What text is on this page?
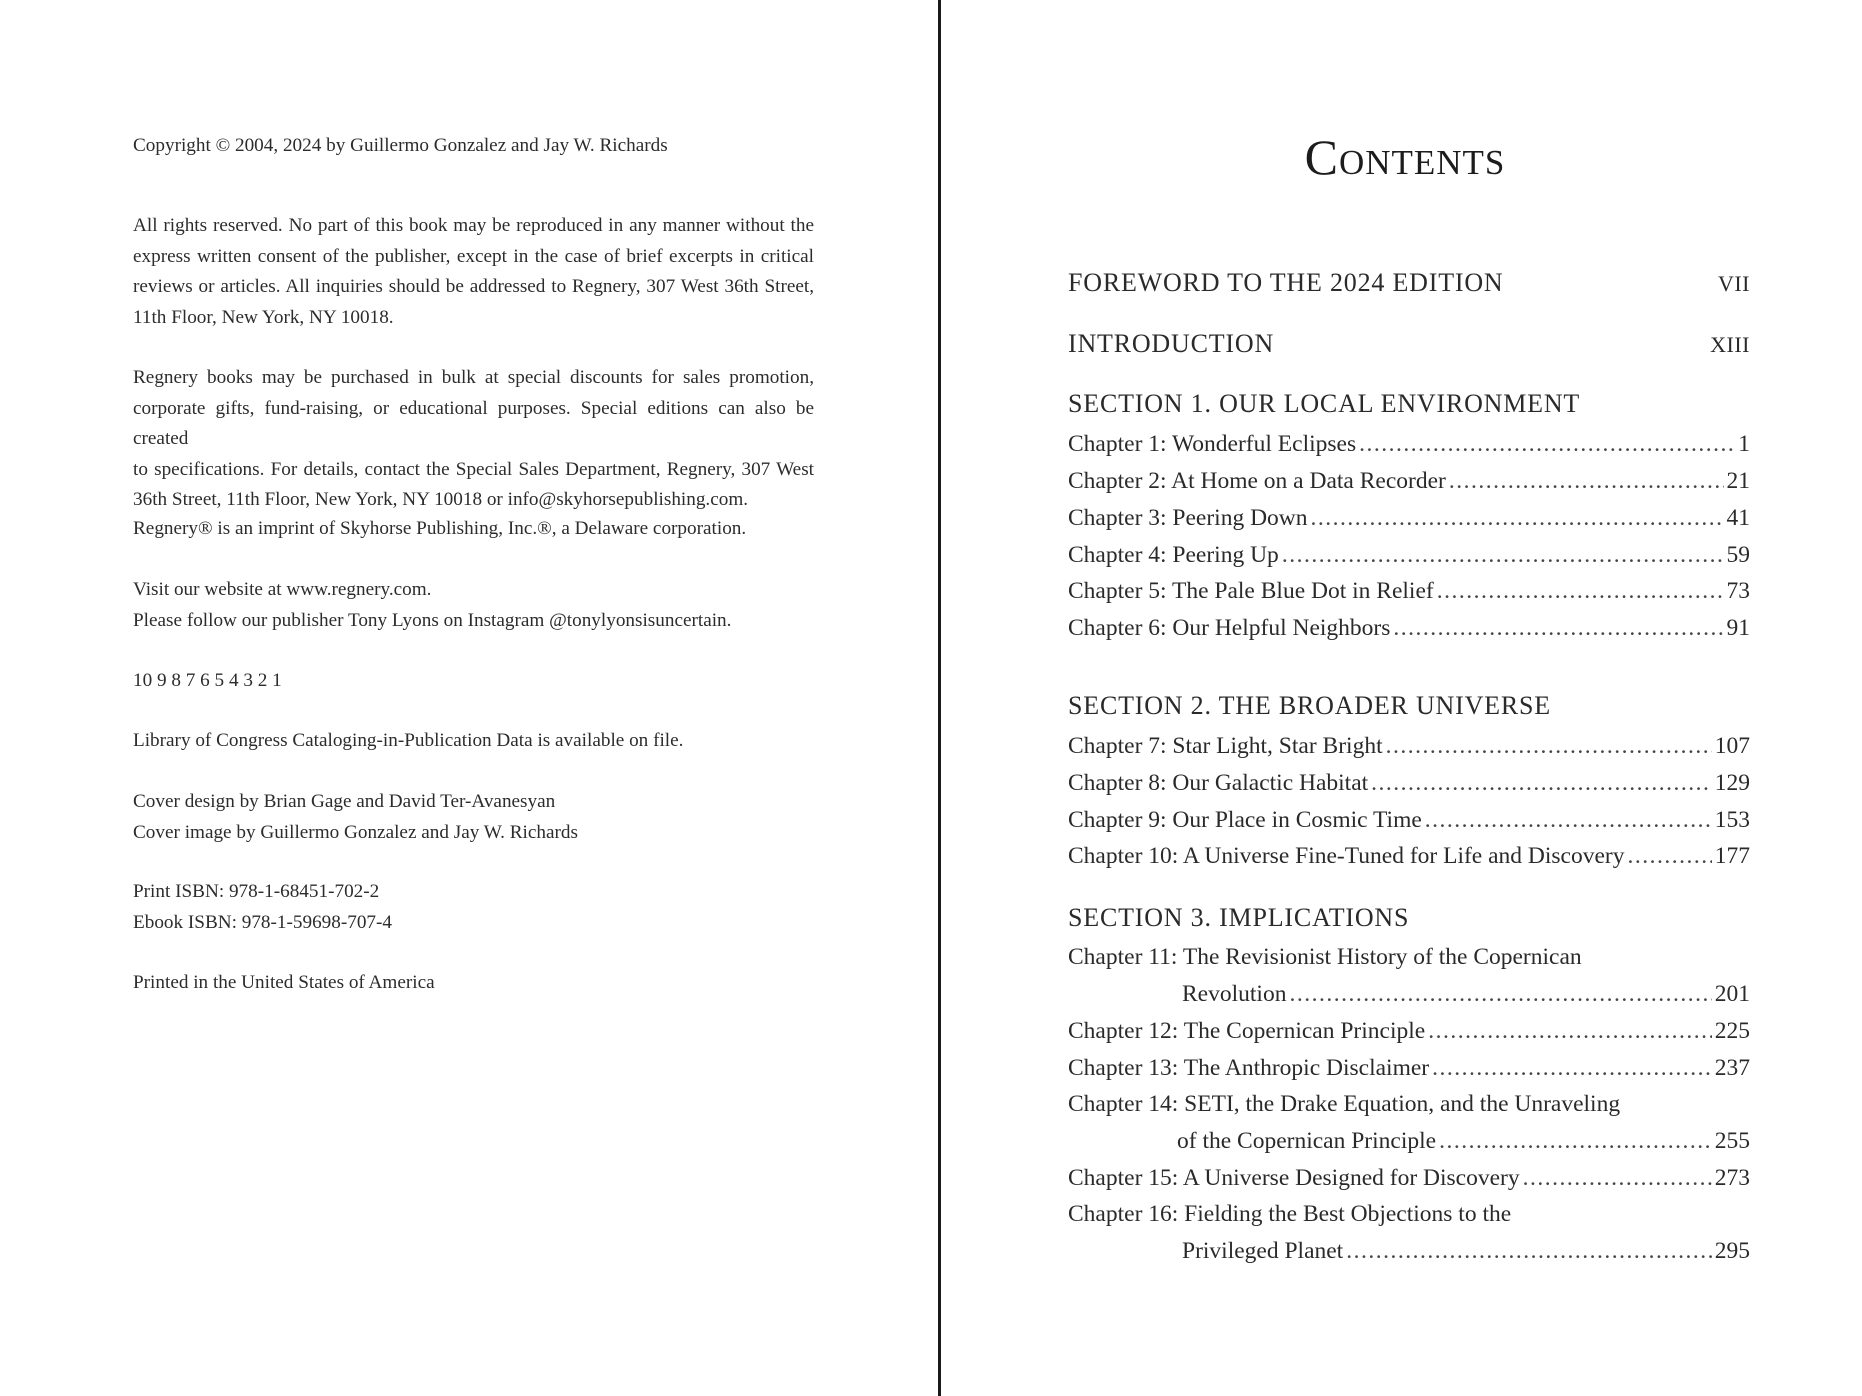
Copyright © 2004, 2024 by Guillermo Gonzalez and Jay W. Richards
All rights reserved. No part of this book may be reproduced in any manner without the
express written consent of the publisher, except in the case of brief excerpts in critical
reviews or articles. All inquiries should be addressed to Regnery, 307 West 36th Street,
11th Floor, New York, NY 10018.
Regnery books may be purchased in bulk at special discounts for sales promotion,
corporate gifts, fund-raising, or educational purposes. Special editions can also be created
to specifications. For details, contact the Special Sales Department, Regnery, 307 West
36th Street, 11th Floor, New York, NY 10018 or info@skyhorsepublishing.com.
Regnery® is an imprint of Skyhorse Publishing, Inc.®, a Delaware corporation.
Visit our website at www.regnery.com.
Please follow our publisher Tony Lyons on Instagram @tonylyonsisuncertain.
10 9 8 7 6 5 4 3 2 1
Library of Congress Cataloging-in-Publication Data is available on file.
Cover design by Brian Gage and David Ter-Avanesyan
Cover image by Guillermo Gonzalez and Jay W. Richards
Print ISBN: 978-1-68451-702-2
Ebook ISBN: 978-1-59698-707-4
Printed in the United States of America
Contents
FOREWORD TO THE 2024 EDITION	VII
INTRODUCTION	XIII
SECTION 1. OUR LOCAL ENVIRONMENT
Chapter 1: Wonderful Eclipses .....	1
Chapter 2: At Home on a Data Recorder .....	21
Chapter 3: Peering Down .....	41
Chapter 4: Peering Up .....	59
Chapter 5: The Pale Blue Dot in Relief .....	73
Chapter 6: Our Helpful Neighbors .....	91
SECTION 2. THE BROADER UNIVERSE
Chapter 7: Star Light, Star Bright .....	107
Chapter 8: Our Galactic Habitat .....	129
Chapter 9: Our Place in Cosmic Time .....	153
Chapter 10: A Universe Fine-Tuned for Life and Discovery .....	177
SECTION 3. IMPLICATIONS
Chapter 11: The Revisionist History of the Copernican
Revolution .....	201
Chapter 12: The Copernican Principle .....	225
Chapter 13: The Anthropic Disclaimer .....	237
Chapter 14: SETI, the Drake Equation, and the Unraveling
of the Copernican Principle .....	255
Chapter 15: A Universe Designed for Discovery .....	273
Chapter 16: Fielding the Best Objections to the
Privileged Planet .....	295
